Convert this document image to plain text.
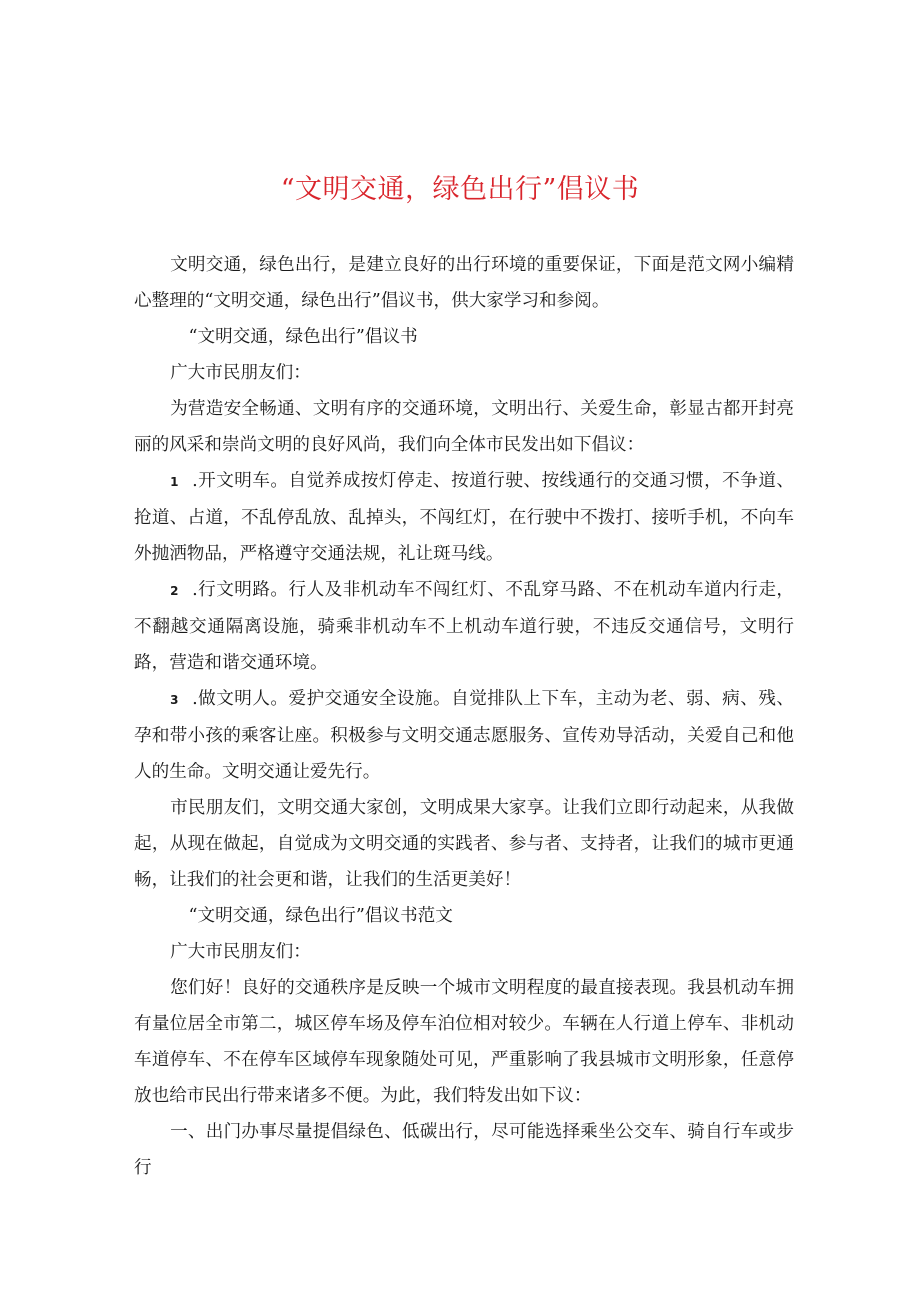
“文明交通，绿色出行”倡议书

文明交通，绿色出行，是建立良好的出行环境的重要保证，下面是范文网小编精心整理的“文明交通，绿色出行”倡议书，供大家学习和参阅。

“文明交通，绿色出行”倡议书

广大市民朋友们：

为营造安全畅通、文明有序的交通环境，文明出行、关爱生命，彰显古都开封亮丽的风采和崇尚文明的良好风尚，我们向全体市民发出如下倡议：

1 .开文明车。自觉养成按灯停走、按道行驶、按线通行的交通习惯，不争道、抢道、占道，不乱停乱放、乱掉头，不闯红灯，在行驶中不拨打、接听手机，不向车外抛洒物品，严格遵守交通法规，礼让斑马线。

2 .行文明路。行人及非机动车不闯红灯、不乱穿马路、不在机动车道内行走，不翻越交通隔离设施，骑乘非机动车不上机动车道行驶，不违反交通信号，文明行路，营造和谐交通环境。

3 .做文明人。爱护交通安全设施。自觉排队上下车，主动为老、弱、病、残、孕和带小孩的乘客让座。积极参与文明交通志愿服务、宣传劝导活动，关爱自己和他人的生命。文明交通让爱先行。

市民朋友们，文明交通大家创，文明成果大家享。让我们立即行动起来，从我做起，从现在做起，自觉成为文明交通的实践者、参与者、支持者，让我们的城市更通畅，让我们的社会更和谐，让我们的生活更美好！

“文明交通，绿色出行”倡议书范文

广大市民朋友们：

您们好！良好的交通秩序是反映一个城市文明程度的最直接表现。我县机动车拥有量位居全市第二，城区停车场及停车泊位相对较少。车辆在人行道上停车、非机动车道停车、不在停车区域停车现象随处可见，严重影响了我县城市文明形象，任意停放也给市民出行带来诸多不便。为此，我们特发出如下议：

一、出门办事尽量提倡绿色、低碳出行，尽可能选择乘坐公交车、骑自行车或步行
